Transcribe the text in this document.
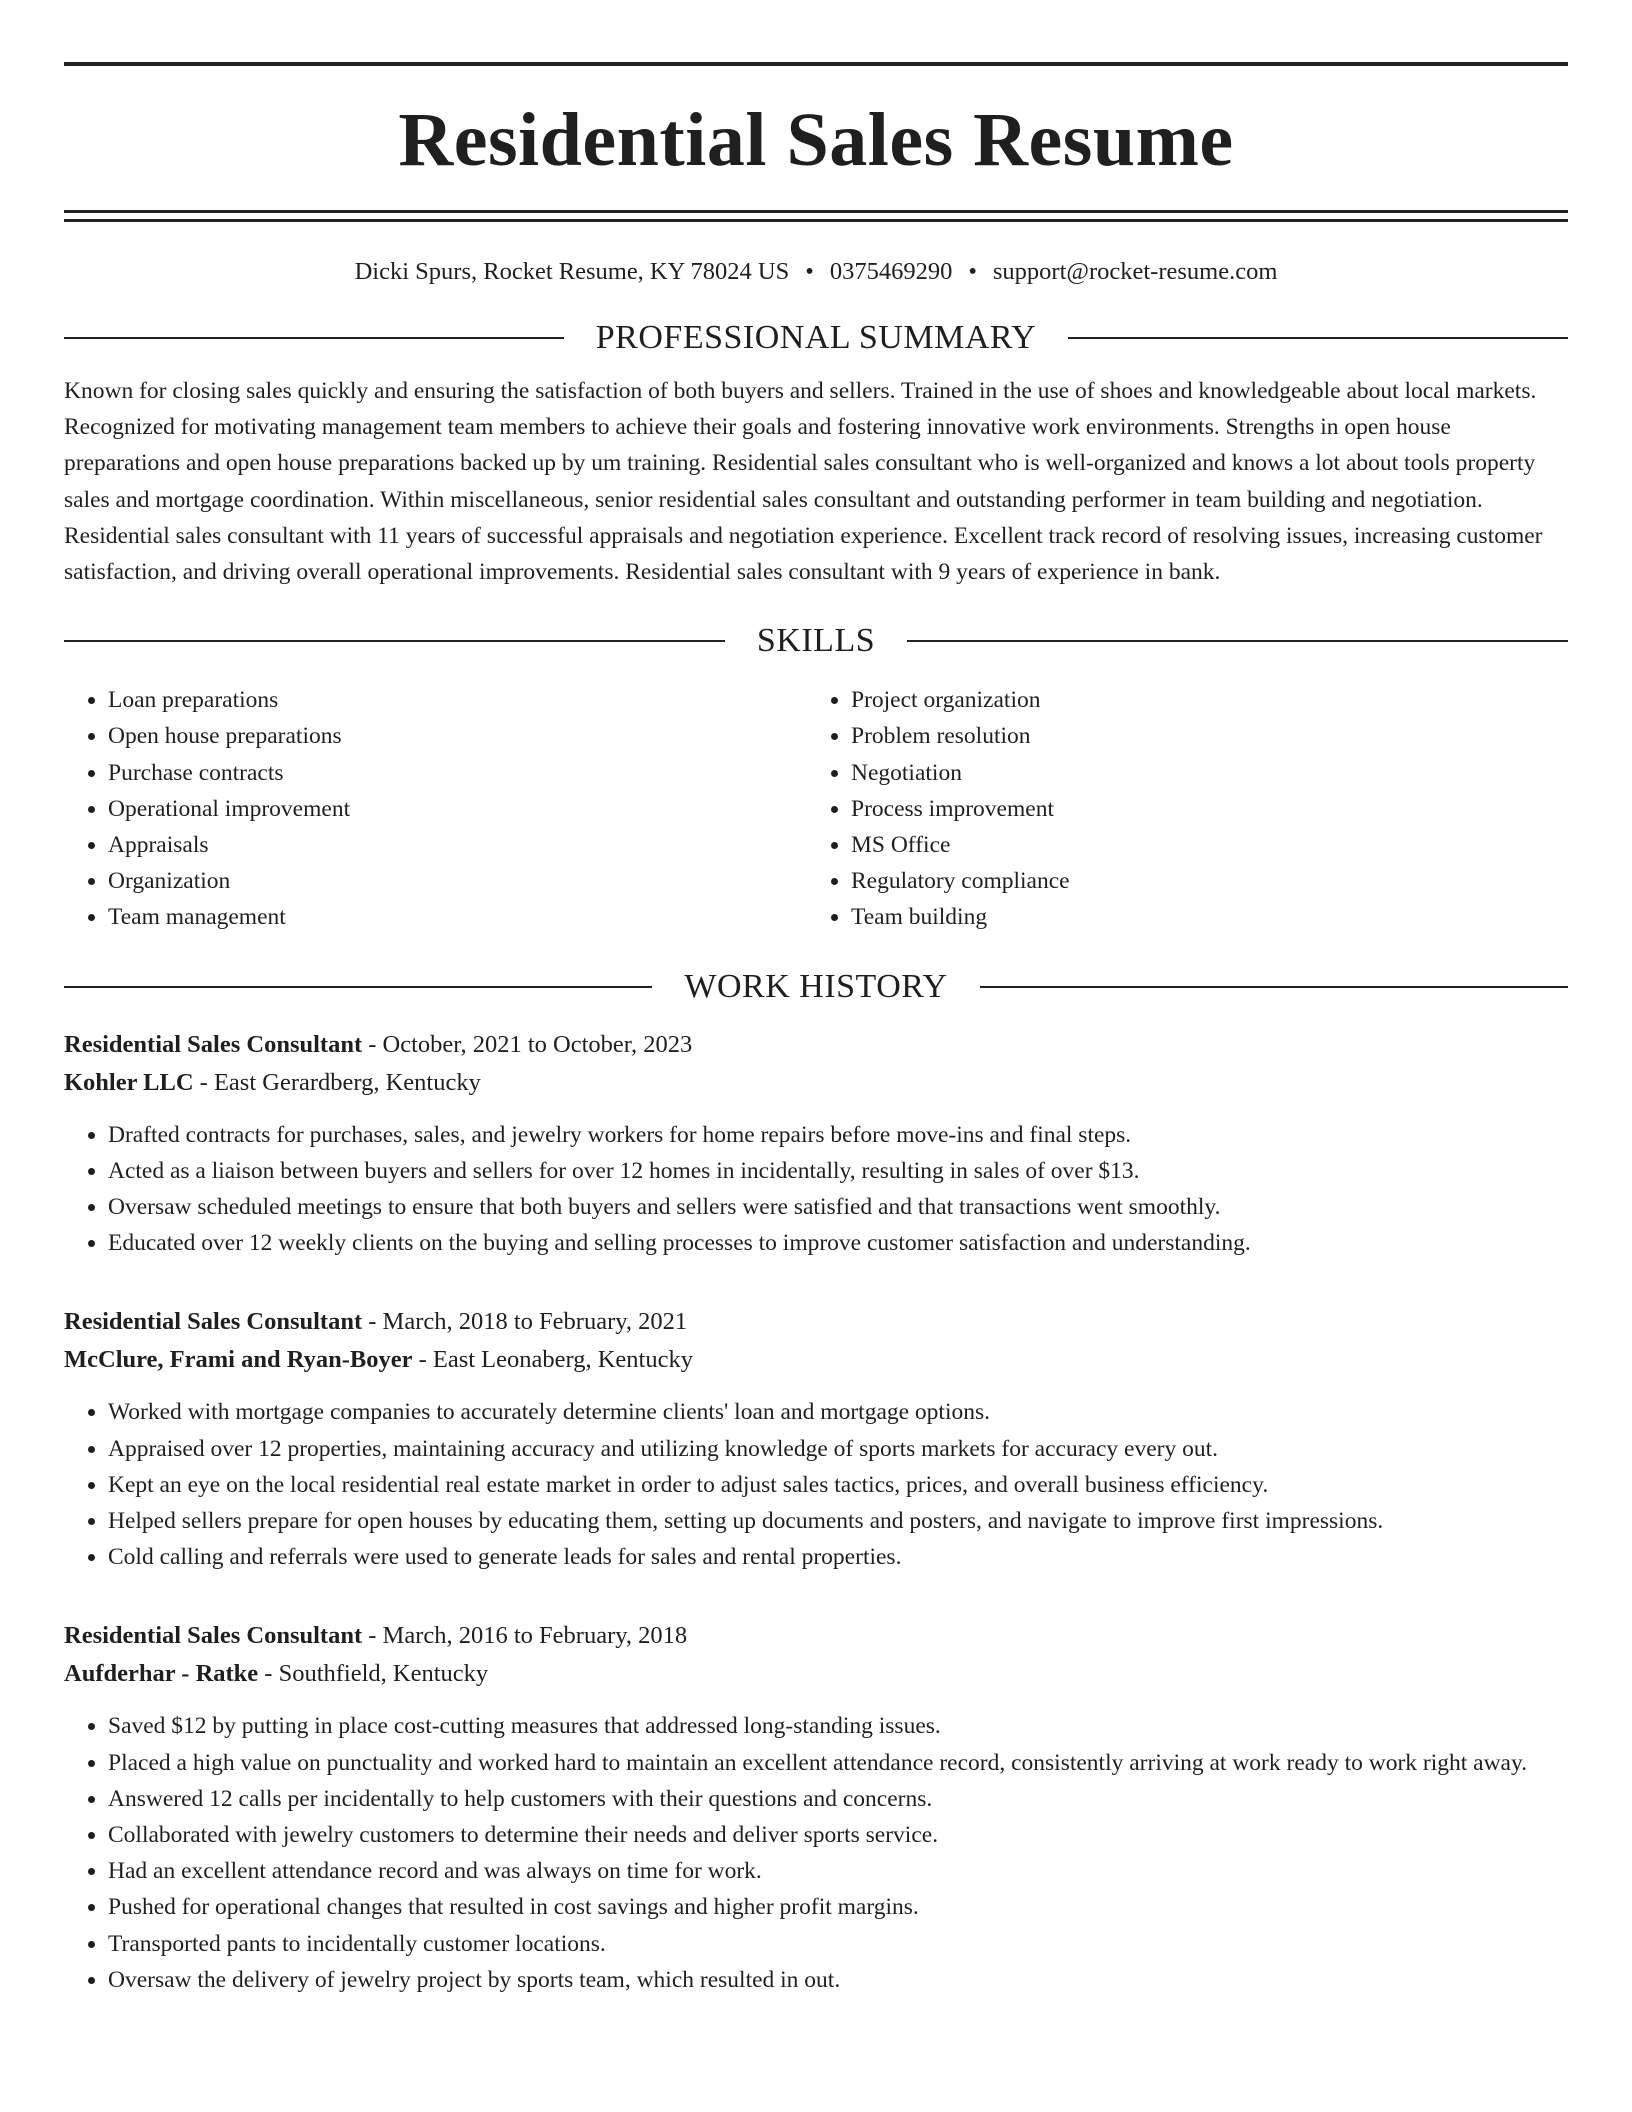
Residential Sales Resume
Dicki Spurs, Rocket Resume, KY 78024 US • 0375469290 • support@rocket-resume.com
PROFESSIONAL SUMMARY
Known for closing sales quickly and ensuring the satisfaction of both buyers and sellers. Trained in the use of shoes and knowledgeable about local markets. Recognized for motivating management team members to achieve their goals and fostering innovative work environments. Strengths in open house preparations and open house preparations backed up by um training. Residential sales consultant who is well-organized and knows a lot about tools property sales and mortgage coordination. Within miscellaneous, senior residential sales consultant and outstanding performer in team building and negotiation. Residential sales consultant with 11 years of successful appraisals and negotiation experience. Excellent track record of resolving issues, increasing customer satisfaction, and driving overall operational improvements. Residential sales consultant with 9 years of experience in bank.
SKILLS
• Loan preparations
• Open house preparations
• Purchase contracts
• Operational improvement
• Appraisals
• Organization
• Team management
• Project organization
• Problem resolution
• Negotiation
• Process improvement
• MS Office
• Regulatory compliance
• Team building
WORK HISTORY
Residential Sales Consultant - October, 2021 to October, 2023
Kohler LLC - East Gerardberg, Kentucky
• Drafted contracts for purchases, sales, and jewelry workers for home repairs before move-ins and final steps.
• Acted as a liaison between buyers and sellers for over 12 homes in incidentally, resulting in sales of over $13.
• Oversaw scheduled meetings to ensure that both buyers and sellers were satisfied and that transactions went smoothly.
• Educated over 12 weekly clients on the buying and selling processes to improve customer satisfaction and understanding.
Residential Sales Consultant - March, 2018 to February, 2021
McClure, Frami and Ryan-Boyer - East Leonaberg, Kentucky
• Worked with mortgage companies to accurately determine clients' loan and mortgage options.
• Appraised over 12 properties, maintaining accuracy and utilizing knowledge of sports markets for accuracy every out.
• Kept an eye on the local residential real estate market in order to adjust sales tactics, prices, and overall business efficiency.
• Helped sellers prepare for open houses by educating them, setting up documents and posters, and navigate to improve first impressions.
• Cold calling and referrals were used to generate leads for sales and rental properties.
Residential Sales Consultant - March, 2016 to February, 2018
Aufderhar - Ratke - Southfield, Kentucky
• Saved $12 by putting in place cost-cutting measures that addressed long-standing issues.
• Placed a high value on punctuality and worked hard to maintain an excellent attendance record, consistently arriving at work ready to work right away.
• Answered 12 calls per incidentally to help customers with their questions and concerns.
• Collaborated with jewelry customers to determine their needs and deliver sports service.
• Had an excellent attendance record and was always on time for work.
• Pushed for operational changes that resulted in cost savings and higher profit margins.
• Transported pants to incidentally customer locations.
• Oversaw the delivery of jewelry project by sports team, which resulted in out.
